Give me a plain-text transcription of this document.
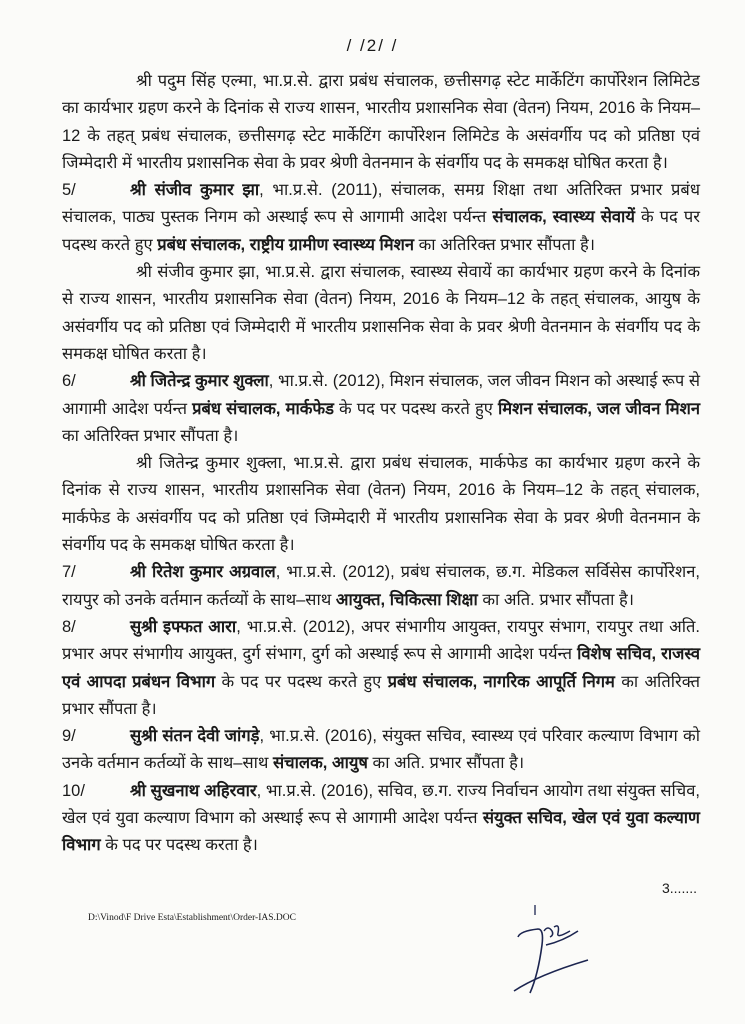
/ /2/ /

श्री पदुम सिंह एल्मा, भा.प्र.से. द्वारा प्रबंध संचालक, छत्तीसगढ़ स्टेट मार्केटिंग कार्पोरेशन लिमिटेड का कार्यभार ग्रहण करने के दिनांक से राज्य शासन, भारतीय प्रशासनिक सेवा (वेतन) नियम, 2016 के नियम–12 के तहत् प्रबंध संचालक, छत्तीसगढ़ स्टेट मार्केटिंग कार्पोरेशन लिमिटेड के असंवर्गीय पद को प्रतिष्ठा एवं जिम्मेदारी में भारतीय प्रशासनिक सेवा के प्रवर श्रेणी वेतनमान के संवर्गीय पद के समकक्ष घोषित करता है।

5/	श्री संजीव कुमार झा, भा.प्र.से. (2011), संचालक, समग्र शिक्षा तथा अतिरिक्त प्रभार प्रबंध संचालक, पाठ्य पुस्तक निगम को अस्थाई रूप से आगामी आदेश पर्यन्त संचालक, स्वास्थ्य सेवायें के पद पर पदस्थ करते हुए प्रबंध संचालक, राष्ट्रीय ग्रामीण स्वास्थ्य मिशन का अतिरिक्त प्रभार सौंपता है।

श्री संजीव कुमार झा, भा.प्र.से. द्वारा संचालक, स्वास्थ्य सेवायें का कार्यभार ग्रहण करने के दिनांक से राज्य शासन, भारतीय प्रशासनिक सेवा (वेतन) नियम, 2016 के नियम–12 के तहत् संचालक, आयुष के असंवर्गीय पद को प्रतिष्ठा एवं जिम्मेदारी में भारतीय प्रशासनिक सेवा के प्रवर श्रेणी वेतनमान के संवर्गीय पद के समकक्ष घोषित करता है।

6/	श्री जितेन्द्र कुमार शुक्ला, भा.प्र.से. (2012), मिशन संचालक, जल जीवन मिशन को अस्थाई रूप से आगामी आदेश पर्यन्त प्रबंध संचालक, मार्कफेड के पद पर पदस्थ करते हुए मिशन संचालक, जल जीवन मिशन का अतिरिक्त प्रभार सौंपता है।

श्री जितेन्द्र कुमार शुक्ला, भा.प्र.से. द्वारा प्रबंध संचालक, मार्कफेड का कार्यभार ग्रहण करने के दिनांक से राज्य शासन, भारतीय प्रशासनिक सेवा (वेतन) नियम, 2016 के नियम–12 के तहत् संचालक, मार्कफेड के असंवर्गीय पद को प्रतिष्ठा एवं जिम्मेदारी में भारतीय प्रशासनिक सेवा के प्रवर श्रेणी वेतनमान के संवर्गीय पद के समकक्ष घोषित करता है।

7/	श्री रितेश कुमार अग्रवाल, भा.प्र.से. (2012), प्रबंध संचालक, छ.ग. मेडिकल सर्विसेस कार्पोरेशन, रायपुर को उनके वर्तमान कर्तव्यों के साथ–साथ आयुक्त, चिकित्सा शिक्षा का अति. प्रभार सौंपता है।

8/	सुश्री इफ्फत आरा, भा.प्र.से. (2012), अपर संभागीय आयुक्त, रायपुर संभाग, रायपुर तथा अति. प्रभार अपर संभागीय आयुक्त, दुर्ग संभाग, दुर्ग को अस्थाई रूप से आगामी आदेश पर्यन्त विशेष सचिव, राजस्व एवं आपदा प्रबंधन विभाग के पद पर पदस्थ करते हुए प्रबंध संचालक, नागरिक आपूर्ति निगम का अतिरिक्त प्रभार सौंपता है।

9/	सुश्री संतन देवी जांगड़े, भा.प्र.से. (2016), संयुक्त सचिव, स्वास्थ्य एवं परिवार कल्याण विभाग को उनके वर्तमान कर्तव्यों के साथ–साथ संचालक, आयुष का अति. प्रभार सौंपता है।

10/	श्री सुखनाथ अहिरवार, भा.प्र.से. (2016), सचिव, छ.ग. राज्य निर्वाचन आयोग तथा संयुक्त सचिव, खेल एवं युवा कल्याण विभाग को अस्थाई रूप से आगामी आदेश पर्यन्त संयुक्त सचिव, खेल एवं युवा कल्याण विभाग के पद पर पदस्थ करता है।

3.......
D:\Vinod\F Drive Esta\Establishment\Order-IAS.DOC
